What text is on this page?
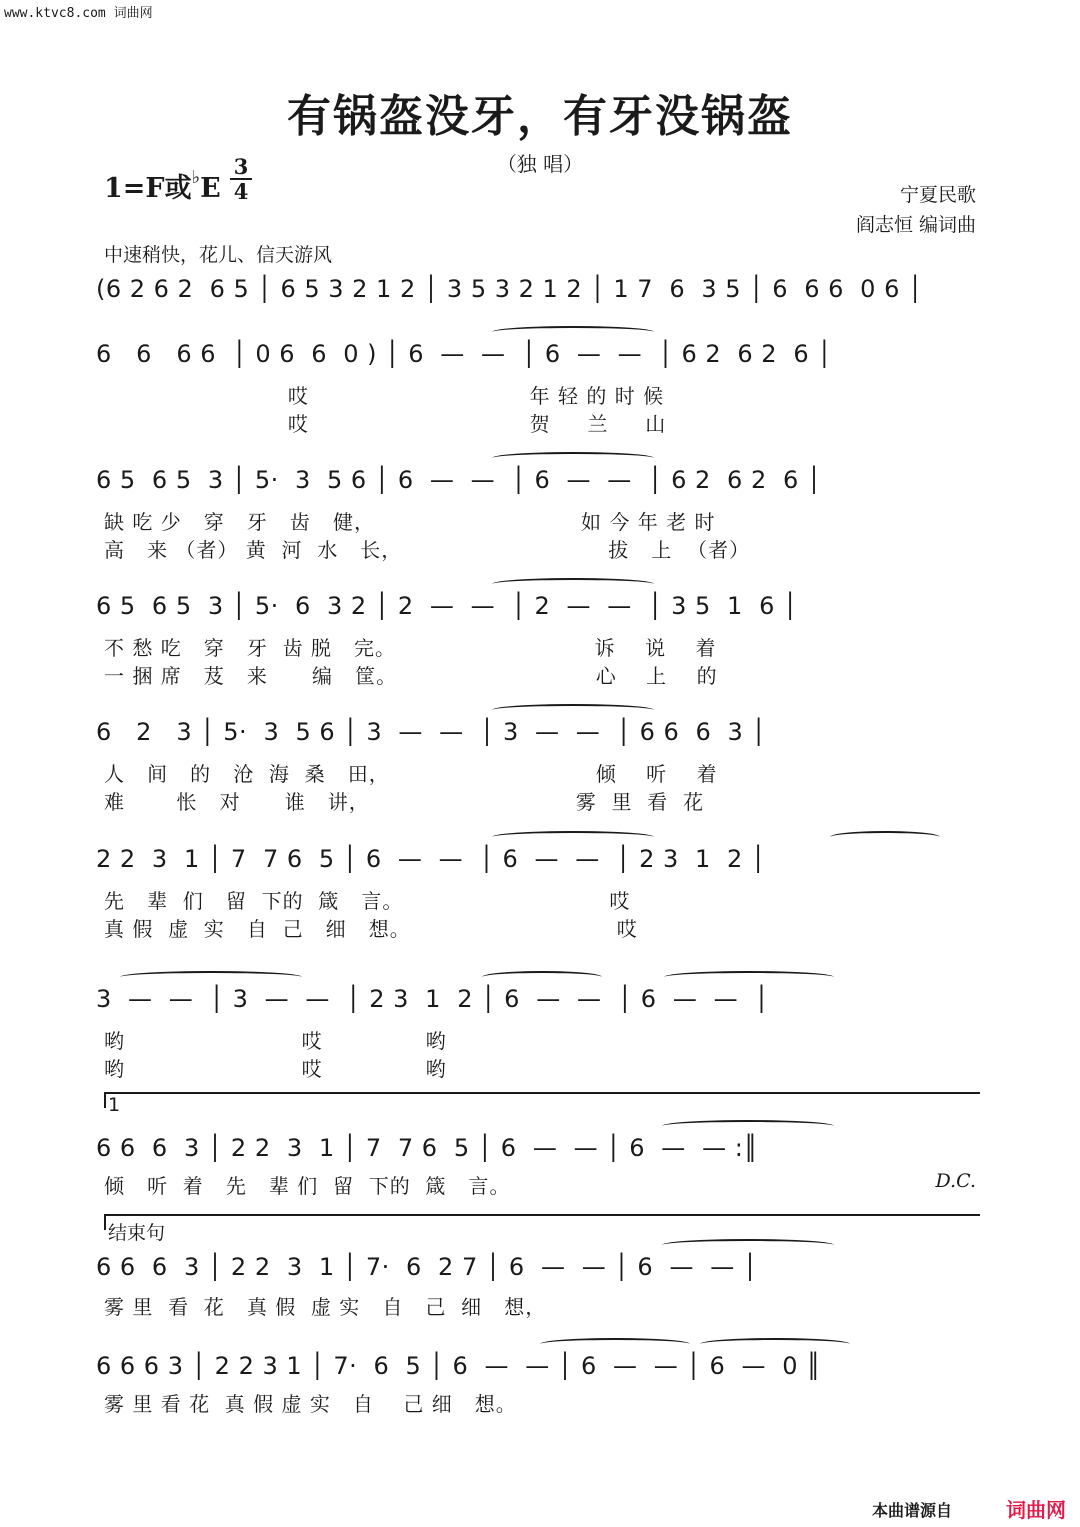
www.ktvc8.com 词曲网
有锅盔没牙，有牙没锅盔
（独 唱）
1=F或♭E
3
4	宁夏民歌
阎志恒 编词曲
中速稍快，花儿、信天游风
(6 2 6 2  6 5 │ 6 5 3 2 1 2 │ 3 5 3 2 1 2 │ 1 7  6  3 5 │ 6  6 6  0 6 │
6   6   6 6  │ 0 6  6  0 ) │ 6  —  —  │ 6  —  —  │ 6 2  6 2  6 │
哎                              年 轻 的 时 候
哎                              贺     兰     山
6 5  6 5  3 │ 5·  3  5 6 │ 6  —  —  │ 6  —  —  │ 6 2  6 2  6 │
缺 吃 少   穿   牙   齿   健，                            如 今 年 老 时
高   来 （者） 黄  河  水   长，                            拔   上  （者）
6 5  6 5  3 │ 5·  6  3 2 │ 2  —  —  │ 2  —  —  │ 3 5  1  6 │
不 愁 吃   穿   牙  齿 脱   完。                           诉    说    着
一 捆 席   芨   来      编   筐。                           心    上    的
6   2   3 │ 5·  3  5 6 │ 3  —  —  │ 3  —  —  │ 6 6  6  3 │
人   间   的   沧  海  桑   田，                            倾    听    着
难       怅   对      谁   讲，                            雾  里  看  花
2 2  3  1 │ 7  7 6  5 │ 6  —  —  │ 6  —  —  │ 2 3  1  2 │
先   辈  们   留  下的  箴   言。                            哎
真 假  虚  实   自  己   细   想。                            哎
3  —  —  │ 3  —  —  │ 2 3  1  2 │ 6  —  —  │ 6  —  —  │
哟                        哎              哟
哟                        哎              哟
1
6 6  6  3 │ 2 2  3  1 │ 7  7 6  5 │ 6  —  — │ 6  —  — :║
倾   听  着   先   辈 们  留  下的  箴   言。	D.C.
结束句
6 6  6  3 │ 2 2  3  1 │ 7·  6  2 7 │ 6  —  — │ 6  —  — │
雾 里  看  花   真 假  虚 实   自   己  细   想，
6 6 6 3 │ 2 2 3 1 │ 7·  6  5 │ 6  —  — │ 6  —  — │ 6  —  0 ║
雾 里 看 花  真 假 虚 实   自    己 细   想。
本曲谱源自	词曲网
